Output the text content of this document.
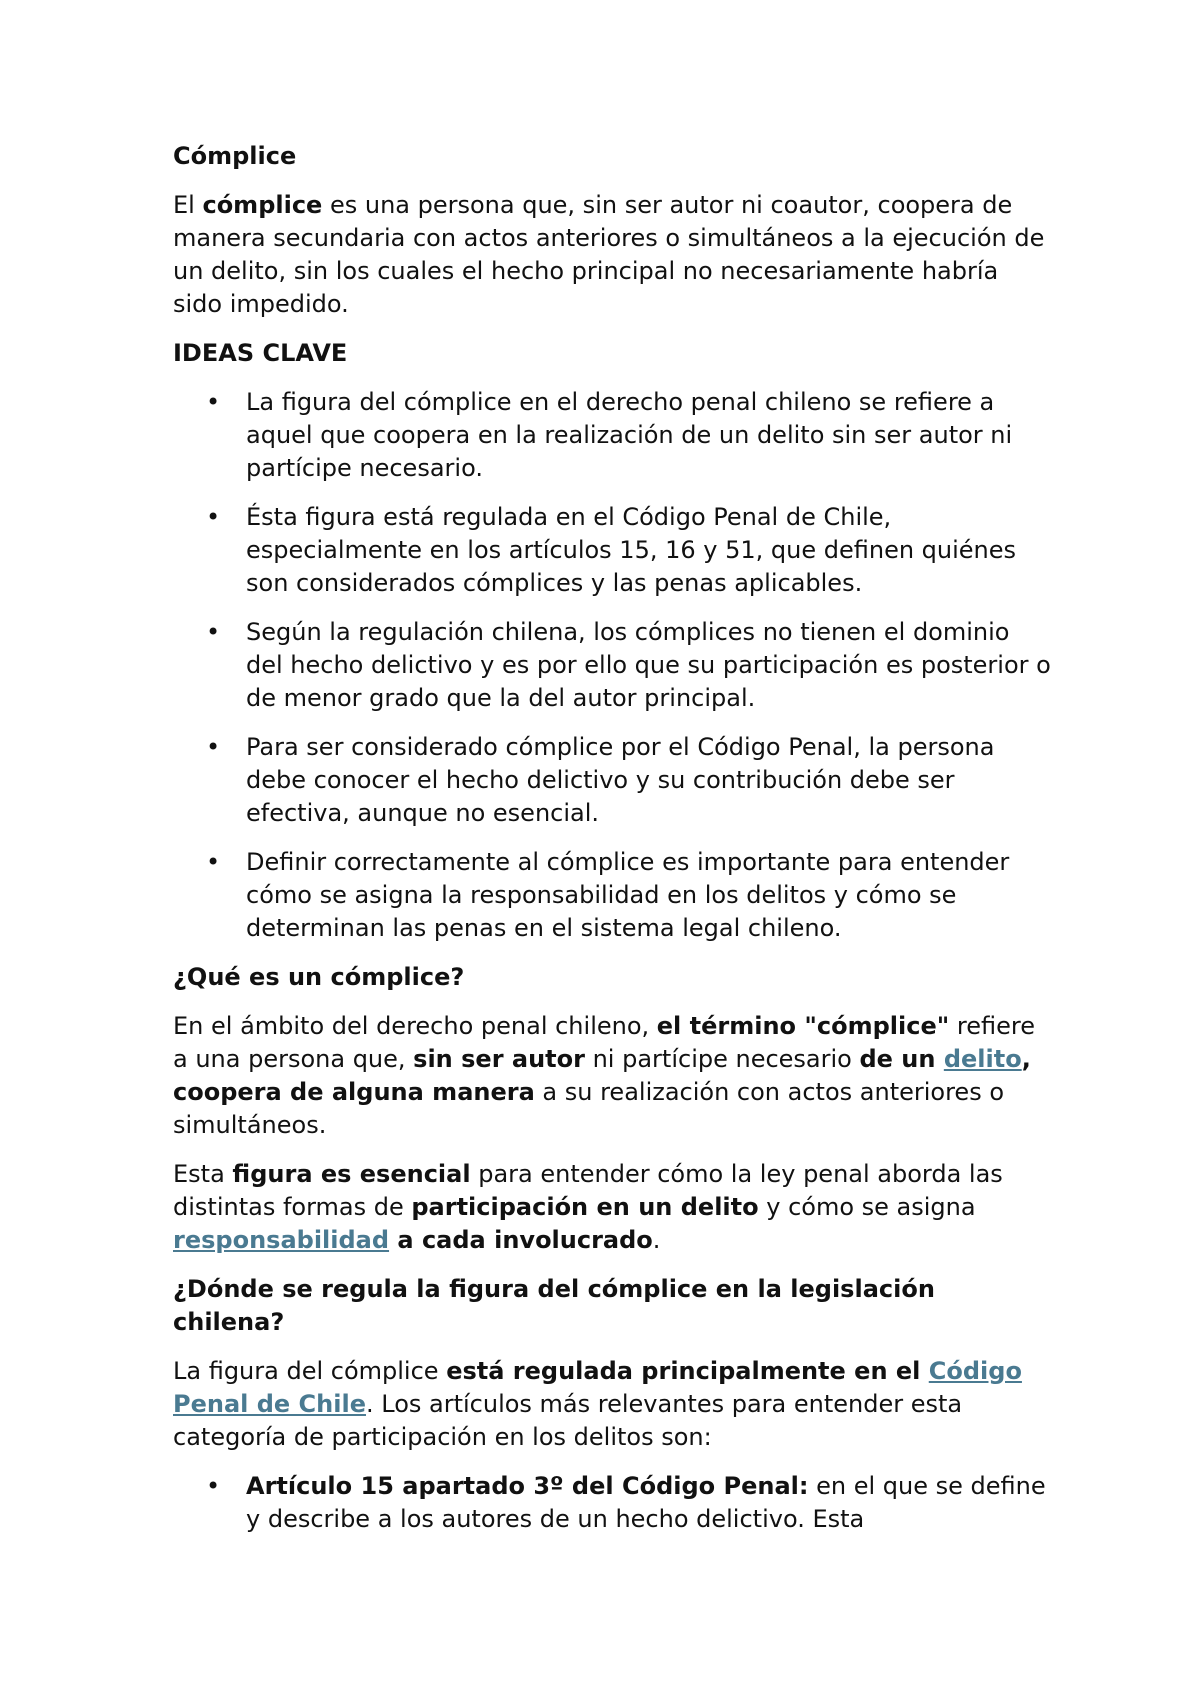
Cómplice

El cómplice es una persona que, sin ser autor ni coautor, coopera de manera secundaria con actos anteriores o simultáneos a la ejecución de un delito, sin los cuales el hecho principal no necesariamente habría sido impedido.

IDEAS CLAVE
• La figura del cómplice en el derecho penal chileno se refiere a aquel que coopera en la realización de un delito sin ser autor ni partícipe necesario.
• Ésta figura está regulada en el Código Penal de Chile, especialmente en los artículos 15, 16 y 51, que definen quiénes son considerados cómplices y las penas aplicables.
• Según la regulación chilena, los cómplices no tienen el dominio del hecho delictivo y es por ello que su participación es posterior o de menor grado que la del autor principal.
• Para ser considerado cómplice por el Código Penal, la persona debe conocer el hecho delictivo y su contribución debe ser efectiva, aunque no esencial.
• Definir correctamente al cómplice es importante para entender cómo se asigna la responsabilidad en los delitos y cómo se determinan las penas en el sistema legal chileno.
¿Qué es un cómplice?

En el ámbito del derecho penal chileno, el término "cómplice" refiere a una persona que, sin ser autor ni partícipe necesario de un delito, coopera de alguna manera a su realización con actos anteriores o simultáneos.

Esta figura es esencial para entender cómo la ley penal aborda las distintas formas de participación en un delito y cómo se asigna responsabilidad a cada involucrado.

¿Dónde se regula la figura del cómplice en la legislación chilena?

La figura del cómplice está regulada principalmente en el Código Penal de Chile. Los artículos más relevantes para entender esta categoría de participación en los delitos son:

• Artículo 15 apartado 3º del Código Penal: en el que se define y describe a los autores de un hecho delictivo. Esta
